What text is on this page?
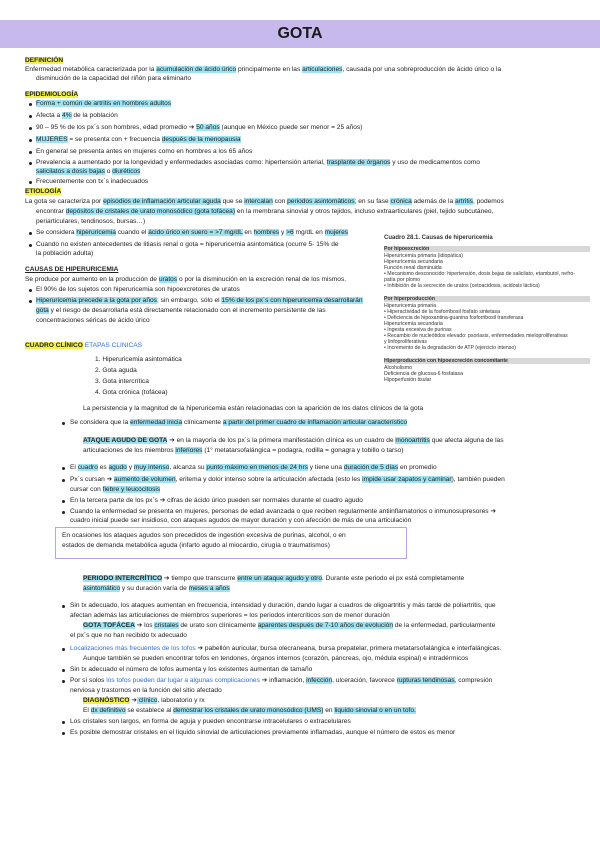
GOTA
DEFINICIÓN
Enfermedad metabólica caracterizada por la acumulación de ácido úrico principalmente en las articulaciones, causada por una sobreproducción de ácido úrico o la
disminución de la capacidad del riñón para eliminarlo
EPIDEMIOLOGÍA
Forma + común de artritis en hombres adultos
Afecta a 4% de la población
90 – 95 % de los px´s son hombres, edad promedio ➔ 50 años (aunque en México puede ser menor = 25 años)
MUJERES = se presenta con + frecuencia después de la menopausia
En general se presenta antes en mujeres como en hombres a los 65 años
Prevalencia a aumentado por la longevidad y enfermedades asociadas como: hipertensión arterial, trasplante de órganos y uso de medicamentos como
salicilatos a dosis bajas o diuréticos
Frecuentemente con tx´s inadecuados
ETIOLOGÍA
La gota se caracteriza por episodios de inflamación articular aguda que se intercalan con periodos asintomáticos; en su fase crónica además de la artritis, podemos
encontrar depósitos de cristales de urato monosódico (gota tofácea) en la membrana sinovial y otros tejidos, incluso extraarticulares (piel, tejido subcutáneo,
periarticulares, tendinosos, bursas…)
Se considera hiperuricemia cuando el ácido úrico en suero = >7 mg/dL en hombres y >6 mg/dL en mujeres
Cuando no existen antecedentes de litiasis renal o gota = hiperuricemia asintomática (ocurre 5- 15% de
la población adulta)
CAUSAS DE HIPERURICEMIA
Se produce por aumento en la producción de uratos o por la disminución en la excreción renal de los mismos.
El 90% de los sujetos con hiperuricemia son hipoexcretores de uratos
Hiperuricemia precede a la gota por años; sin embargo, sólo el 15% de los px´s con hiperuricemia desarrollarán
gota y el riesgo de desarrollarla está directamente relacionado con el incremento persistente de las
concentraciones séricas de ácido úrico
Cuadro 28.1. Causas de hiperuricemia
Por hipoexcreción
Hiperuricemia primaria (idiopática)
Hiperuricemia secundaria
Función renal disminuida
• Mecanismo desconocido: hipertensión, dosis bajas de salicilato, etambutol, nefro-
patía por plomo
• Inhibición de la secreción de uratos (cetoacidosis, acidosis láctica)
Por hiperproducción
Hiperuricemia primaria
• Hiperactividad de la fosforribosil fosfato sintetasa
• Deficiencia de hipoxantina-guanina fosforribosil transferasa
Hiperuricemia secundaria
• Ingesta excesiva de purinas
• Recambio de nucleótidos elevado: psoriasis, enfermedades mieloproliferativas
y linfoproliferativas
• Incremento de la degradación de ATP (ejercicio intenso)
Hiperproducción con hipoexcreción concomitante
Alcoholismo
Deficiencia de glucosa-6 fosfatasa
Hipoperfusión tisular
CUADRO CLÍNICO ETAPAS CLINICAS
1. Hiperuricemia asintomática
2. Gota aguda
3. Gota intercrítica
4. Gota crónica (tofácea)
La persistencia y la magnitud de la hiperuricemia están relacionadas con la aparición de los datos clínicos de la gota
Se considera que la enfermedad inicia clínicamente a partir del primer cuadro de inflamación articular característico
ATAQUE AGUDO DE GOTA ➔ en la mayoría de los px´s la primera manifestación clínica es un cuadro de monoartritis que afecta alguna de las
articulaciones de los miembros inferiores (1° metatarsofalángica = podagra, rodilla = gonagra y tobillo o tarso)
El cuadro es agudo y muy intenso, alcanza su punto máximo en menos de 24 hrs y tiene una duración de 5 días en promedio
Px´s cursan ➔ aumento de volumen, eritema y dolor intenso sobre la articulación afectada (esto les impide usar zapatos y caminar), también pueden
cursar con fiebre y leucocitosis
En la tercera parte de los px´s ➔ cifras de ácido úrico pueden ser normales durante el cuadro agudo
Cuando la enfermedad se presenta en mujeres, personas de edad avanzada o que reciben regularmente antiinflamatorios o inmunosupresores ➔
cuadro inicial puede ser insidioso, con ataques agudos de mayor duración y con afección de más de una articulación
En ocasiones los ataques agudos son precedidos de ingestión excesiva de purinas, alcohol, o en
estados de demanda metabólica aguda (infarto agudo al miocardio, cirugía o traumatismos)
PERIODO INTERCRÍTICO ➔ tiempo que transcurre entre un ataque agudo y otro. Durante este periodo el px está completamente
asintomático y su duración varía de meses a años
Sin tx adecuado, los ataques aumentan en frecuencia, intensidad y duración, dando lugar a cuadros de oligoartritis y más tarde de poliartritis, que
afectan además las articulaciones de miembros superiores = los periodos intercríticos son de menor duración
GOTA TOFÁCEA ➔ los cristales de urato son clínicamente aparentes después de 7-10 años de evolución de la enfermedad, particularmente
el px´s que no han recibido tx adecuado
Localizaciones más frecuentes de los tofos ➔ pabellón auricular, bursa olecraneana, bursa prepatelar, primera metatarsofalángica e interfalángicas.
Aunque también se pueden encontrar tofos en tendones, órganos internos (corazón, páncreas, ojo, médula espinal) e intradérmicos
Sin tx adecuado el número de tofos aumenta y los existentes aumentan de tamaño
Por sí solos los tofos pueden dar lugar a algunas complicaciones ➔ inflamación, infección, ulceración, favorece rupturas tendinosas, compresión
nerviosa y trastornos en la función del sitio afectado
DIAGNÓSTICO ➔ clínico, laboratorio y rx
El dx definitivo se establece al demostrar los cristales de urato monosódico (UMS) en liquido sinovial o en un tofo.
Los cristales son largos, en forma de aguja y pueden encontrarse intracelulares o extracelulares
Es posible demostrar cristales en el líquido sinovial de articulaciones previamente inflamadas, aunque el número de estos es menor
